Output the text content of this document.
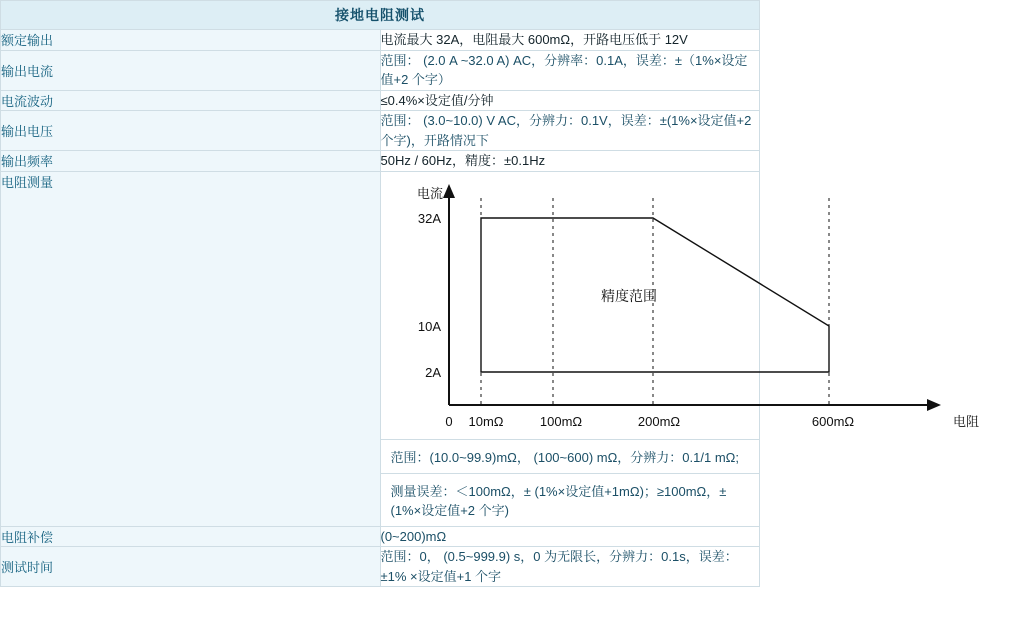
接地电阻测试	
额定输出	电流最大 32A，电阻最大 600mΩ，开路电压低于 12V
输出电流	范围： (2.0 A ~32.0 A) AC，分辨率：0.1A，误差：±（1%×设定值+2 个字）
电流波动	≤0.4%×设定值/分钟
输出电压	范围： (3.0~10.0) V AC，分辨力：0.1V，误差：±(1%×设定值+2 个字)，开路情况下
输出频率	50Hz / 60Hz，精度：±0.1Hz
电阻测量	
32A
10A
2A
0 10mΩ	100mΩ	200mΩ	600mΩ
电流
电阻
精度范围
范围：(10.0~99.9)mΩ， (100~600) mΩ，分辨力：0.1/1 mΩ;
测量误差：＜100mΩ，± (1%×设定值+1mΩ)；≥100mΩ，±(1%×设定值+2 个字)

电阻补偿	(0~200)mΩ
测试时间	范围：0， (0.5~999.9) s，0 为无限长，分辨力：0.1s，误差：±1% ×设定值+1 个字
